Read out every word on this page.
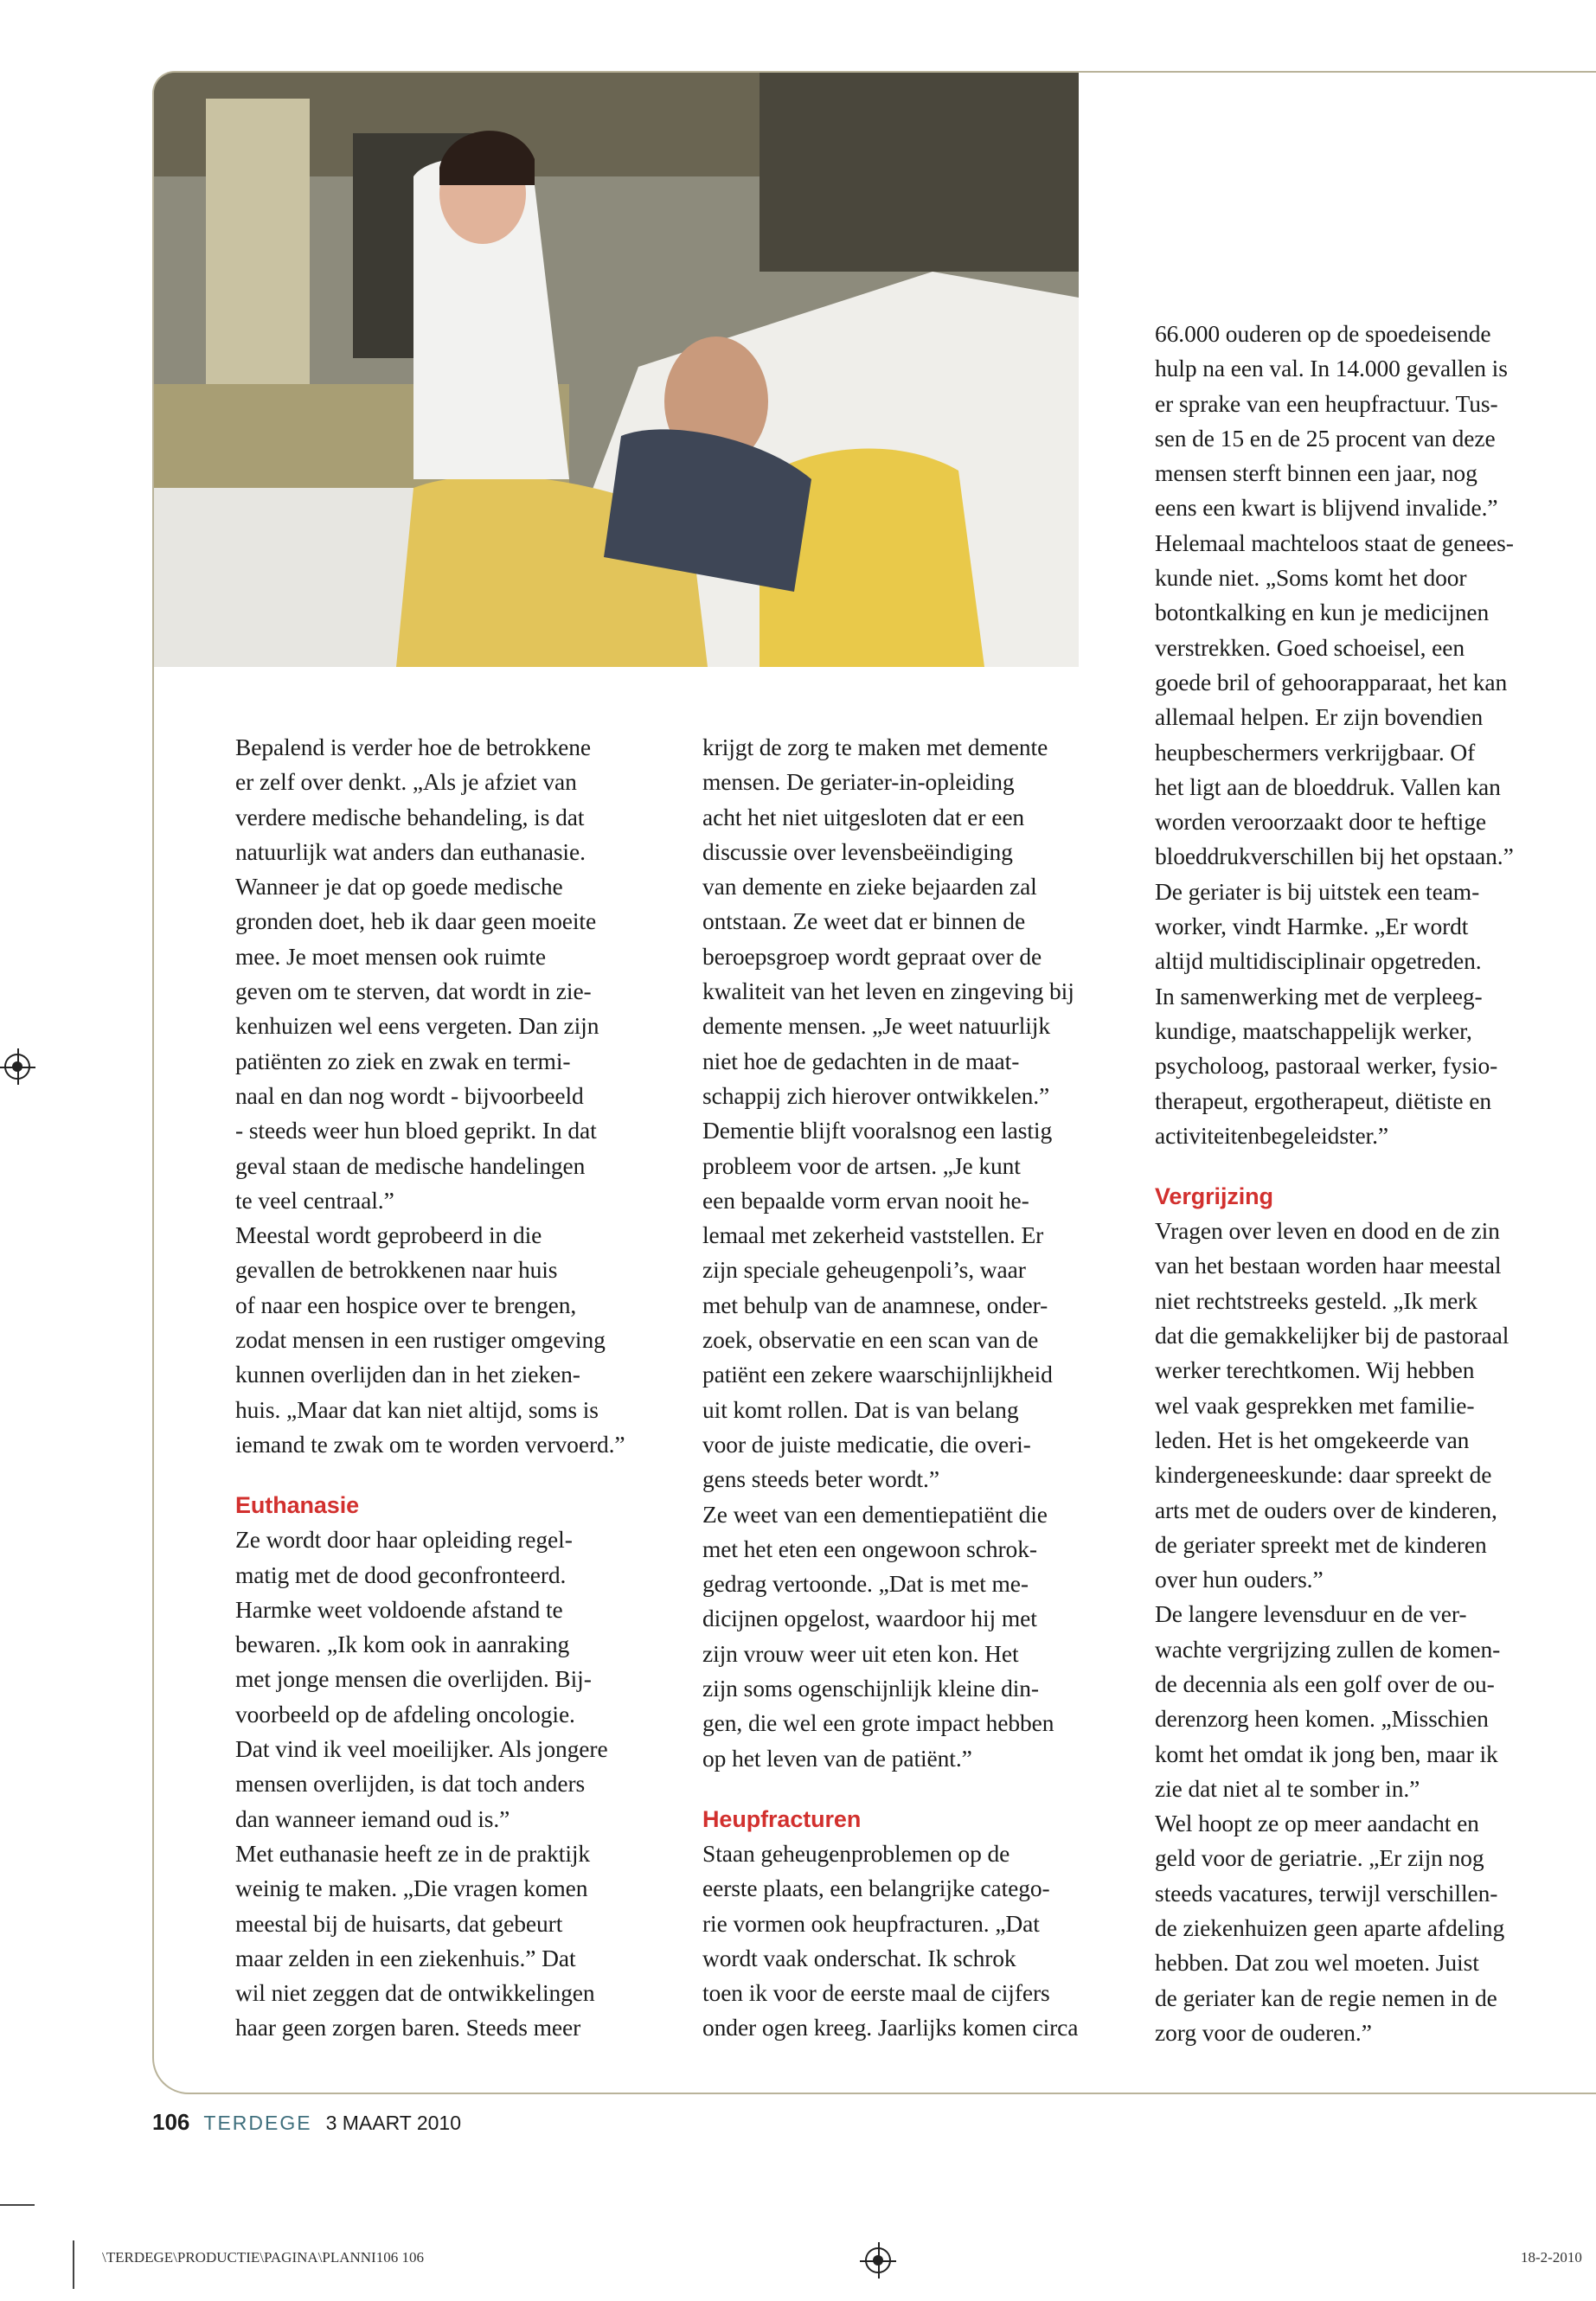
Bepalend is verder hoe de betrokkene
er zelf over denkt. „Als je afziet van
verdere medische behandeling, is dat
natuurlijk wat anders dan euthanasie.
Wanneer je dat op goede medische
gronden doet, heb ik daar geen moeite
mee. Je moet mensen ook ruimte
geven om te sterven, dat wordt in zie-
kenhuizen wel eens vergeten. Dan zijn
patiënten zo ziek en zwak en termi-
naal en dan nog wordt - bijvoorbeeld
- steeds weer hun bloed geprikt. In dat
geval staan de medische handelingen
te veel centraal.”

Meestal wordt geprobeerd in die
gevallen de betrokkenen naar huis
of naar een hospice over te brengen,
zodat mensen in een rustiger omgeving
kunnen overlijden dan in het zieken-
huis. „Maar dat kan niet altijd, soms is
iemand te zwak om te worden vervoerd.”

Euthanasie

Ze wordt door haar opleiding regel-
matig met de dood geconfronteerd.
Harmke weet voldoende afstand te
bewaren. „Ik kom ook in aanraking
met jonge mensen die overlijden. Bij-
voorbeeld op de afdeling oncologie.
Dat vind ik veel moeilijker. Als jongere
mensen overlijden, is dat toch anders
dan wanneer iemand oud is.”

Met euthanasie heeft ze in de praktijk
weinig te maken. „Die vragen komen
meestal bij de huisarts, dat gebeurt
maar zelden in een ziekenhuis.” Dat
wil niet zeggen dat de ontwikkelingen
haar geen zorgen baren. Steeds meer

krijgt de zorg te maken met demente
mensen. De geriater-in-opleiding
acht het niet uitgesloten dat er een
discussie over levensbeëindiging
van demente en zieke bejaarden zal
ontstaan. Ze weet dat er binnen de
beroepsgroep wordt gepraat over de
kwaliteit van het leven en zingeving bij
demente mensen. „Je weet natuurlijk
niet hoe de gedachten in de maat-
schappij zich hierover ontwikkelen.”
Dementie blijft vooralsnog een lastig
probleem voor de artsen. „Je kunt
een bepaalde vorm ervan nooit he-
lemaal met zekerheid vaststellen. Er
zijn speciale geheugenpoli’s, waar
met behulp van de anamnese, onder-
zoek, observatie en een scan van de
patiënt een zekere waarschijnlijkheid
uit komt rollen. Dat is van belang
voor de juiste medicatie, die overi-
gens steeds beter wordt.”

Ze weet van een dementiepatiënt die
met het eten een ongewoon schrok-
gedrag vertoonde. „Dat is met me-
dicijnen opgelost, waardoor hij met
zijn vrouw weer uit eten kon. Het
zijn soms ogenschijnlijk kleine din-
gen, die wel een grote impact hebben
op het leven van de patiënt.”

Heupfracturen

Staan geheugenproblemen op de
eerste plaats, een belangrijke catego-
rie vormen ook heupfracturen. „Dat
wordt vaak onderschat. Ik schrok
toen ik voor de eerste maal de cijfers
onder ogen kreeg. Jaarlijks komen circa

66.000 ouderen op de spoedeisende
hulp na een val. In 14.000 gevallen is
er sprake van een heupfractuur. Tus-
sen de 15 en de 25 procent van deze
mensen sterft binnen een jaar, nog
eens een kwart is blijvend invalide.”
Helemaal machteloos staat de genees-
kunde niet. „Soms komt het door
botontkalking en kun je medicijnen
verstrekken. Goed schoeisel, een
goede bril of gehoorapparaat, het kan
allemaal helpen. Er zijn bovendien
heupbeschermers verkrijgbaar. Of
het ligt aan de bloeddruk. Vallen kan
worden veroorzaakt door te heftige
bloeddrukverschillen bij het opstaan.”

De geriater is bij uitstek een team-
worker, vindt Harmke. „Er wordt
altijd multidisciplinair opgetreden.
In samenwerking met de verpleeg-
kundige, maatschappelijk werker,
psycholoog, pastoraal werker, fysio-
therapeut, ergotherapeut, diëtiste en
activiteitenbegeleidster.”

Vergrijzing

Vragen over leven en dood en de zin
van het bestaan worden haar meestal
niet rechtstreeks gesteld. „Ik merk
dat die gemakkelijker bij de pastoraal
werker terechtkomen. Wij hebben
wel vaak gesprekken met familie-
leden. Het is het omgekeerde van
kindergeneeskunde: daar spreekt de
arts met de ouders over de kinderen,
de geriater spreekt met de kinderen
over hun ouders.”

De langere levensduur en de ver-
wachte vergrijzing zullen de komen-
de decennia als een golf over de ou-
derenzorg heen komen. „Misschien
komt het omdat ik jong ben, maar ik
zie dat niet al te somber in.”

Wel hoopt ze op meer aandacht en
geld voor de geriatrie. „Er zijn nog
steeds vacatures, terwijl verschillen-
de ziekenhuizen geen aparte afdeling
hebben. Dat zou wel moeten. Juist
de geriater kan de regie nemen in de
zorg voor de ouderen.”

106 TERDEGE 3 MAART 2010
\TERDEGE\PRODUCTIE\PAGINA\PLANNI106 106	18-2-2010
